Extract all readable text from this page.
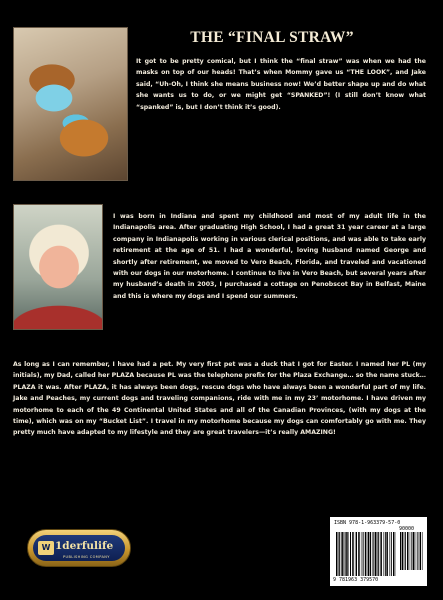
THE “FINAL STRAW”

It got to be pretty comical, but I think the “final straw” was when we had the masks on top of our heads! That’s when Mommy gave us “THE LOOK”, and Jake said, “Uh-Oh, I think she means business now! We’d better shape up and do what she wants us to do, or we might get “SPANKED”! (I still don’t know what “spanked” is, but I don’t think it’s good).

I was born in Indiana and spent my childhood and most of my adult life in the Indianapolis area. After graduating High School, I had a great 31 year career at a large company in Indianapolis working in various clerical positions, and was able to take early retirement at the age of 51. I had a wonderful, loving husband named George and shortly after retirement, we moved to Vero Beach, Florida, and traveled and vacationed with our dogs in our motorhome. I continue to live in Vero Beach, but several years after my husband’s death in 2003, I purchased a cottage on Penobscot Bay in Belfast, Maine and this is where my dogs and I spend our summers.

As long as I can remember, I have had a pet. My very first pet was a duck that I got for Easter. I named her PL (my initials), my Dad, called her PLAZA because PL was the telephone prefix for the Plaza Exchange… so the name stuck…PLAZA it was. After PLAZA, it has always been dogs, rescue dogs who have always been a wonderful part of my life. Jake and Peaches, my current dogs and traveling companions, ride with me in my 23’ motorhome. I have driven my motorhome to each of the 49 Continental United States and all of the Canadian Provinces, (with my dogs at the time), which was on my “Bucket List”. I travel in my motorhome because my dogs can comfortably go with me. They pretty much have adapted to my lifestyle and they are great travelers—it’s really AMAZING!

W 1derfulife
PUBLISHING COMPANY
ISBN 978-1-963379-57-0
90000
9 781963 379570
